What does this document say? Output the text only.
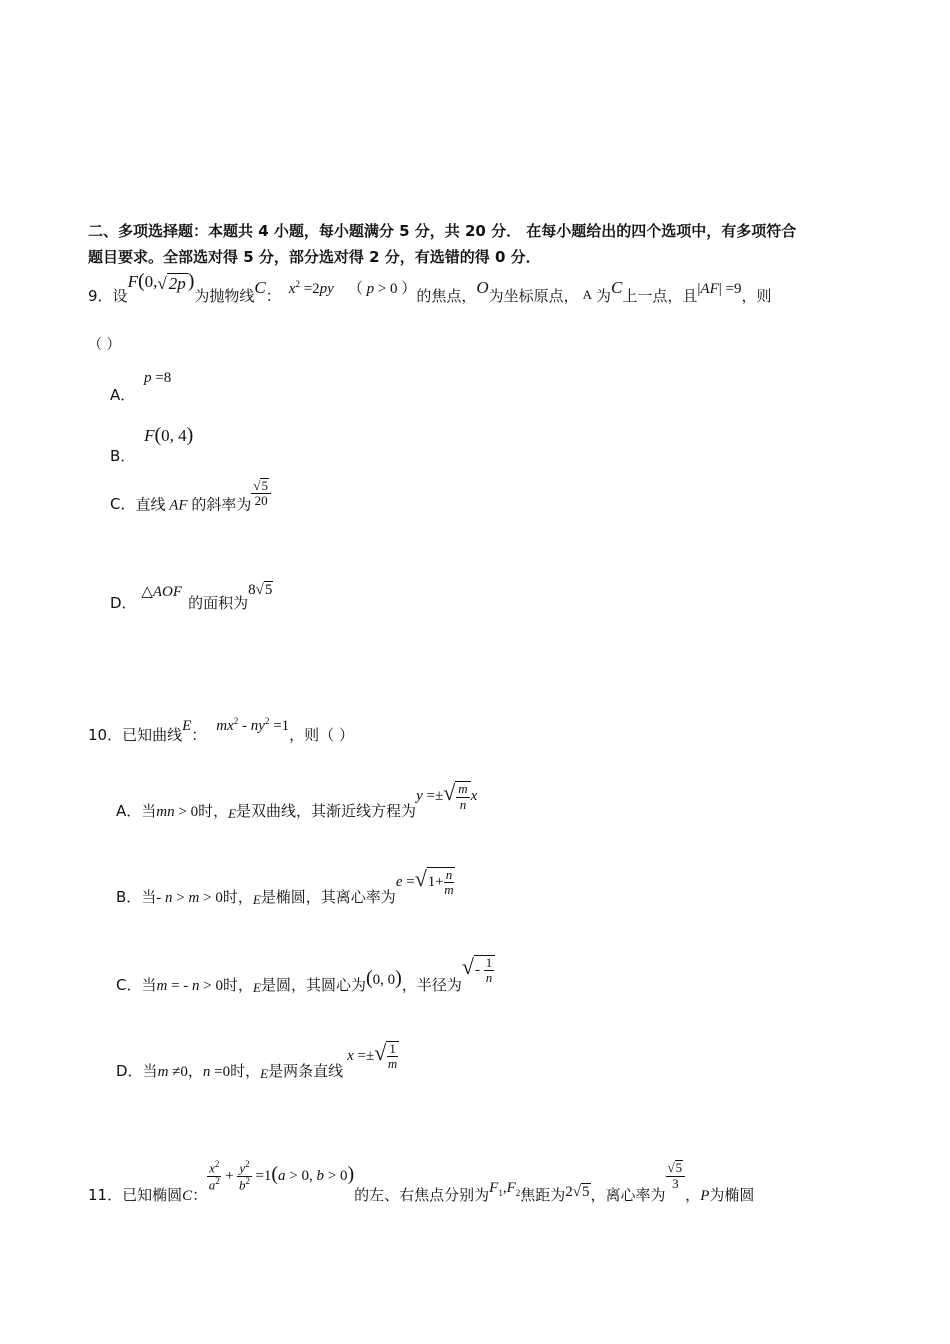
二、多项选择题：本题共 4 小题，每小题满分 5 分，共 20 分． 在每小题给出的四个选项中，有多项符合
题目要求。全部选对得 5 分，部分选对得 2 分，有选错的得 0 分．
9．设F(0,√ 2p )为抛物线C： $x^2 =2py$ （ p > 0 ）的焦点，O为坐标原点， A 为C上一点，且|AF| =9，则
（ ）
A． p =8
B． F(0, 4)
C．直线 AF 的斜率为 $\frac{√5}{20}$
D． △AOF的面积为8√5
10．已知曲线E： $mx^2 - ny^2 =1$，则（ ）
A．当mn > 0时，E是双曲线，其渐近线方程为y =±√ $\frac{m}{n}$ x
B．当- n > m > 0时，E是椭圆，其离心率为$e =√1+ \frac{n}{m}$
C．当m = - n > 0时，E是圆，其圆心为(0, 0)，半径为√- $\frac{1}{n}$
D．当m ≠0，n =0时，E是两条直线x =±√ $\frac{1}{m}$
11．已知椭圆C：
$\frac{x^2}{a^2} + \frac{y^2}{b^2} =1(a > 0$, b > 0)的左、右焦点分别为$F_1,F_2$焦距为2√5，离心率为
$\frac{√5}{3}$
，P为椭圆
